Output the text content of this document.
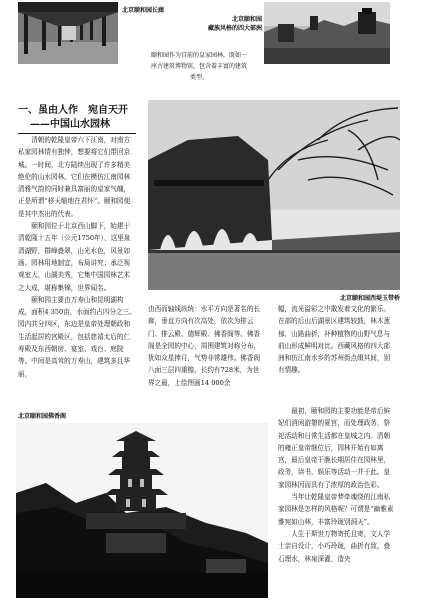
北京颐和园长廊

北京颐和园
藏族风格的四大部洲

颐和园作为宫前的皇家园林，既如一座古建筑博物馆，包含着丰富的建筑类型。
一、虽由人作　宛自天开
——中国山水园林

清朝的乾隆皇帝六下江南，对南方私家园林情有独钟，想要将它们带回京城。一时间，北方陆续出现了许多精美绝伦的山水园林。它们在模仿江南园林清雅气韵的同时兼具富丽的皇家气魄，正是所谓“移天缩地在君怀”。颐和园便是其中杰出的代表。

颐和园位于北京西山脚下，始建于清乾隆十五年（公元1750年），这里泉清湖野，群峰叠翠，山光水色，风景如画。园林用地制宜，布局讲究；承泛视观室大，山湖美秀，它集中国园林艺术之大成，堪称集锦，世界闻名。

颐和园主要由万寿山和昆明湖构成，面积4 350亩，水面约占四分之三。园内共分四区，东边是皇帝处理朝政和生活起居的宫殿区，包括慈禧太后的仁寿殿及东西朝房、宴室、戏台、庭院等。中间是高耸的万寿山，建筑多且华丽，

北京颐和园西堤玉带桥
由西而轴线纵统：水平方向是著名的长廊，垂直方向有次高处，依次为排云门、排云殿、德辉殿、佛香阁等。佛香阁是全园的中心，周围建筑对称分布，犹如众星捧月，气势非常雄伟。佛香阁八面三层四重檐，长约有728米，为世界之最，上绘图画14 000余
幅，流光溢彩之中散发着文化的繁乐。在部的后山后湖景区建筑较鼓，林木葱郁，山路曲折，补种植物的山野气息与前山形成鲜明对比。西藏风格的四大部洲和仿江南水乡的苏州街点缀其间，别有情趣。
北京颐和园佛香阁

最初，颐和园的主要功能是帝后嫔妃们消闲游憩的夏宫，而处理政务，祭祀活动和日常生活都在皇城之内。清朝的雍正皇帝继位后，园林开始有如离宫，最后皇帝干脆长期居住在园林里，政务，读书，娱乐等活动一并于此。皇家园林因而具有了浓厚的政治色彩。

当年让乾隆皇帝梦牵魂绕的江南私家园林是怎样的风格呢？可谓是“幽雅素雅宛如山林，丰富玲珑别洞天”。

人生于斯世万物寄托且寄，文人学士亲自设计，小巧玲珑，曲折有致，叠石理水，林泉深灌，造央
